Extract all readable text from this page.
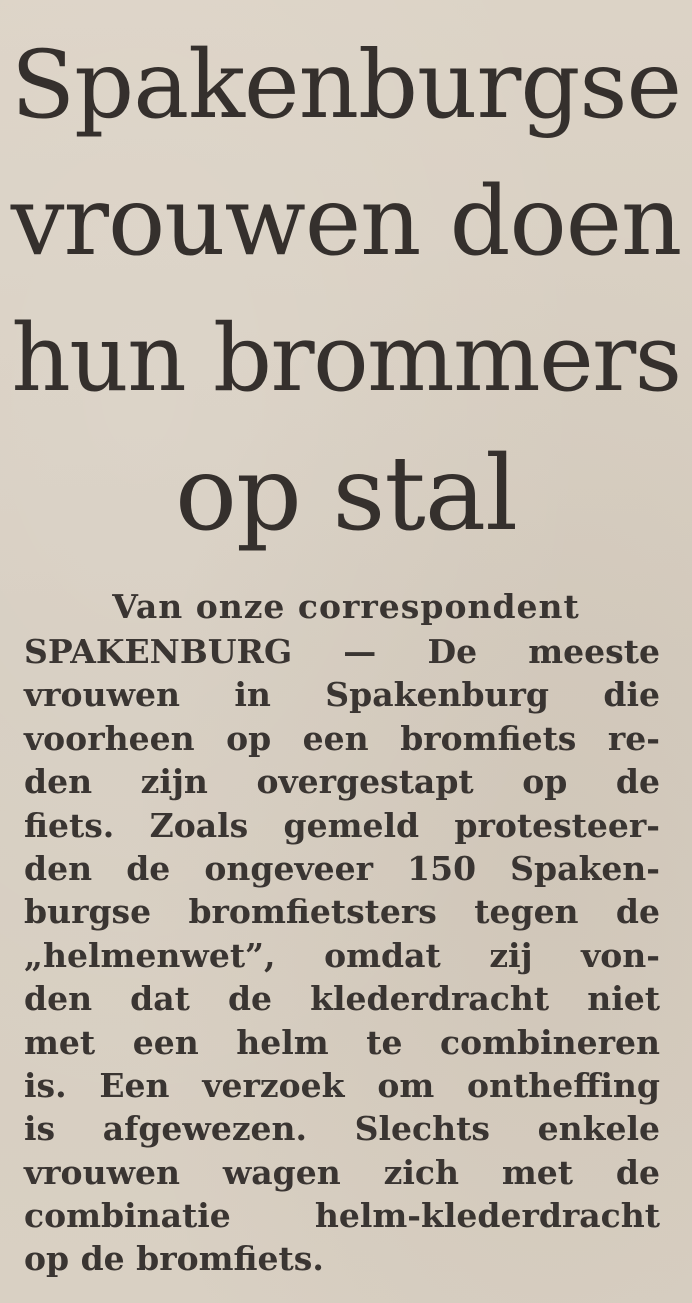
Spakenburgse
vrouwen doen
hun brommers
op stal
Van onze correspondent
SPAKENBURG — De meeste
vrouwen in Spakenburg die
voorheen op een bromfiets re-
den zijn overgestapt op de
fiets. Zoals gemeld protesteer-
den de ongeveer 150 Spaken-
burgse bromfietsters tegen de
„helmenwet”, omdat zij von-
den dat de klederdracht niet
met een helm te combineren
is. Een verzoek om ontheffing
is afgewezen. Slechts enkele
vrouwen wagen zich met de
combinatie helm-klederdracht
op de bromfiets.
